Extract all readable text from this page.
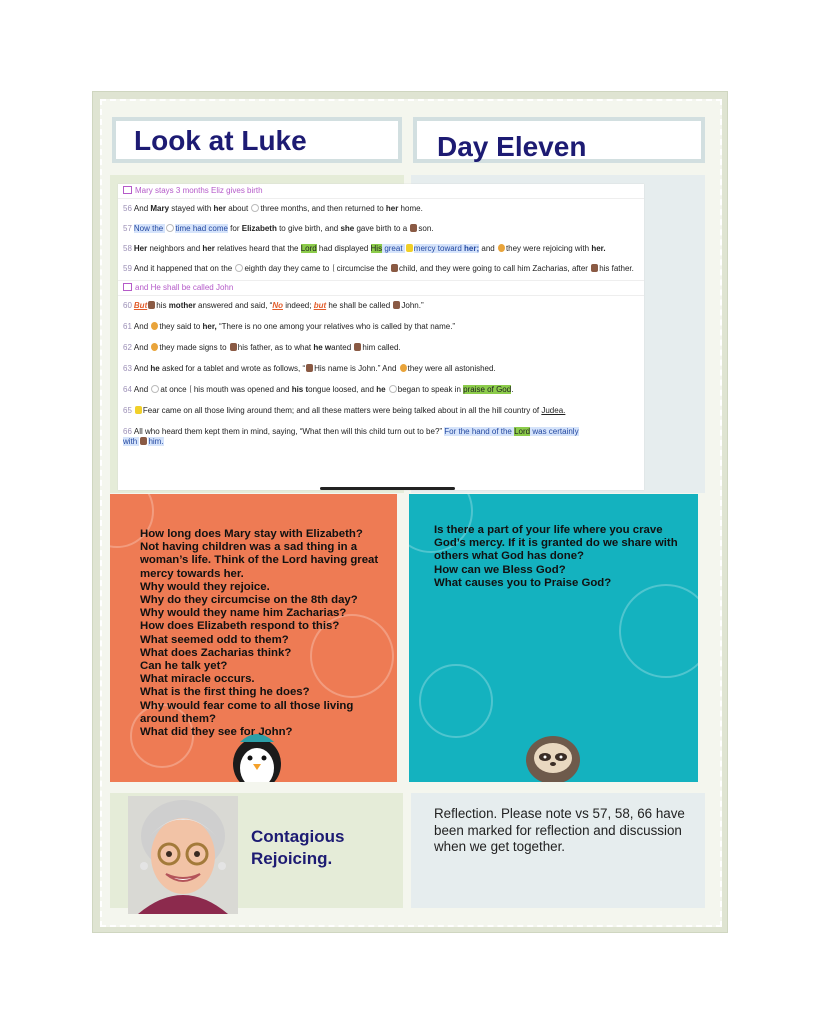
Look at Luke	Day Eleven
Mary stays 3 months Eliz gives birth
56 And Mary stayed with her about three months, and then returned to her home.
57 Now the time had come for Elizabeth to give birth, and she gave birth to a son.
58 Her neighbors and her relatives heard that the Lord had displayed His great mercy toward her; and they were rejoicing with her.
59 And it happened that on the eighth day they came to circumcise the child, and they were going to call him Zacharias, after his father.
and He shall be called John
60 But his mother answered and said, “No indeed; but he shall be called John.”
61 And they said to her, “There is no one among your relatives who is called by that name.”
62 And they made signs to his father, as to what he wanted him called.
63 And he asked for a tablet and wrote as follows, “ His name is John.” And they were all astonished.
64 And at once his mouth was opened and his tongue loosed, and he began to speak in praise of God.
65 Fear came on all those living around them; and all these matters were being talked about in all the hill country of Judea.
66 All who heard them kept them in mind, saying, “What then will this child turn out to be?” For the hand of the Lord was certainly
with him.
How long does Mary stay with Elizabeth?
Not having children was a sad thing in a woman’s life. Think of the Lord having great mercy towards her.
Why would they rejoice.
Why do they circumcise on the 8th day?
Why would they name him Zacharias?
How does Elizabeth respond to this?
What seemed odd to them?
What does Zacharias think?
Can he talk yet?
What miracle occurs.
What is the first thing he does?
Why would fear come to all those living around them?
What did they see for John?
Is there a part of your life where you crave God’s mercy. If it is granted do we share with others what God has done?
How can we Bless God?
What causes you to Praise God?
Contagious Rejoicing.
Reflection. Please note vs 57, 58, 66 have been marked for reflection and discussion when we get together.
